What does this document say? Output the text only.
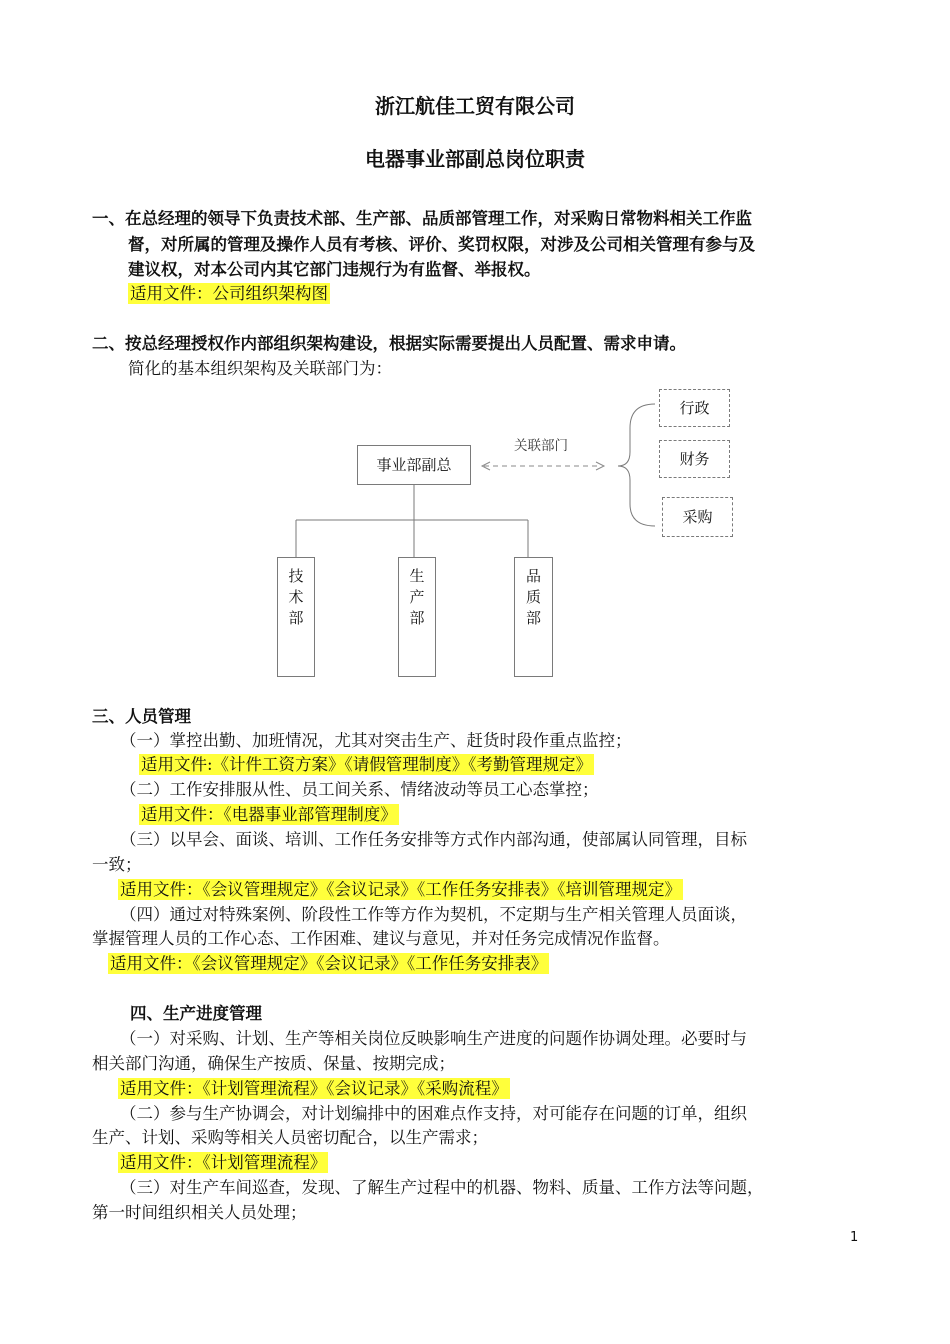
浙江航佳工贸有限公司
电器事业部副总岗位职责
一、在总经理的领导下负责技术部、生产部、品质部管理工作，对采购日常物料相关工作监
督，对所属的管理及操作人员有考核、评价、奖罚权限，对涉及公司相关管理有参与及
建议权，对本公司内其它部门违规行为有监督、举报权。
适用文件：公司组织架构图
二、按总经理授权作内部组织架构建设，根据实际需要提出人员配置、需求申请。
简化的基本组织架构及关联部门为：
事业部副总
关联部门
行政
财务
采购
技
术
部
生
产
部
品
质
部
三、人员管理
（一）掌控出勤、加班情况，尤其对突击生产、赶货时段作重点监控；
适用文件:《计件工资方案》《请假管理制度》《考勤管理规定》
（二）工作安排服从性、员工间关系、情绪波动等员工心态掌控；
适用文件：《电器事业部管理制度》
（三）以早会、面谈、培训、工作任务安排等方式作内部沟通，使部属认同管理，目标
一致；
适用文件：《会议管理规定》《会议记录》《工作任务安排表》《培训管理规定》
（四）通过对特殊案例、阶段性工作等方作为契机，不定期与生产相关管理人员面谈，
掌握管理人员的工作心态、工作困难、建议与意见，并对任务完成情况作监督。
适用文件：《会议管理规定》《会议记录》《工作任务安排表》
四、生产进度管理
（一）对采购、计划、生产等相关岗位反映影响生产进度的问题作协调处理。必要时与
相关部门沟通，确保生产按质、保量、按期完成；
适用文件：《计划管理流程》《会议记录》《采购流程》
（二）参与生产协调会，对计划编排中的困难点作支持，对可能存在问题的订单，组织
生产、计划、采购等相关人员密切配合，以生产需求；
适用文件：《计划管理流程》
（三）对生产车间巡查，发现、了解生产过程中的机器、物料、质量、工作方法等问题，
第一时间组织相关人员处理；
1
